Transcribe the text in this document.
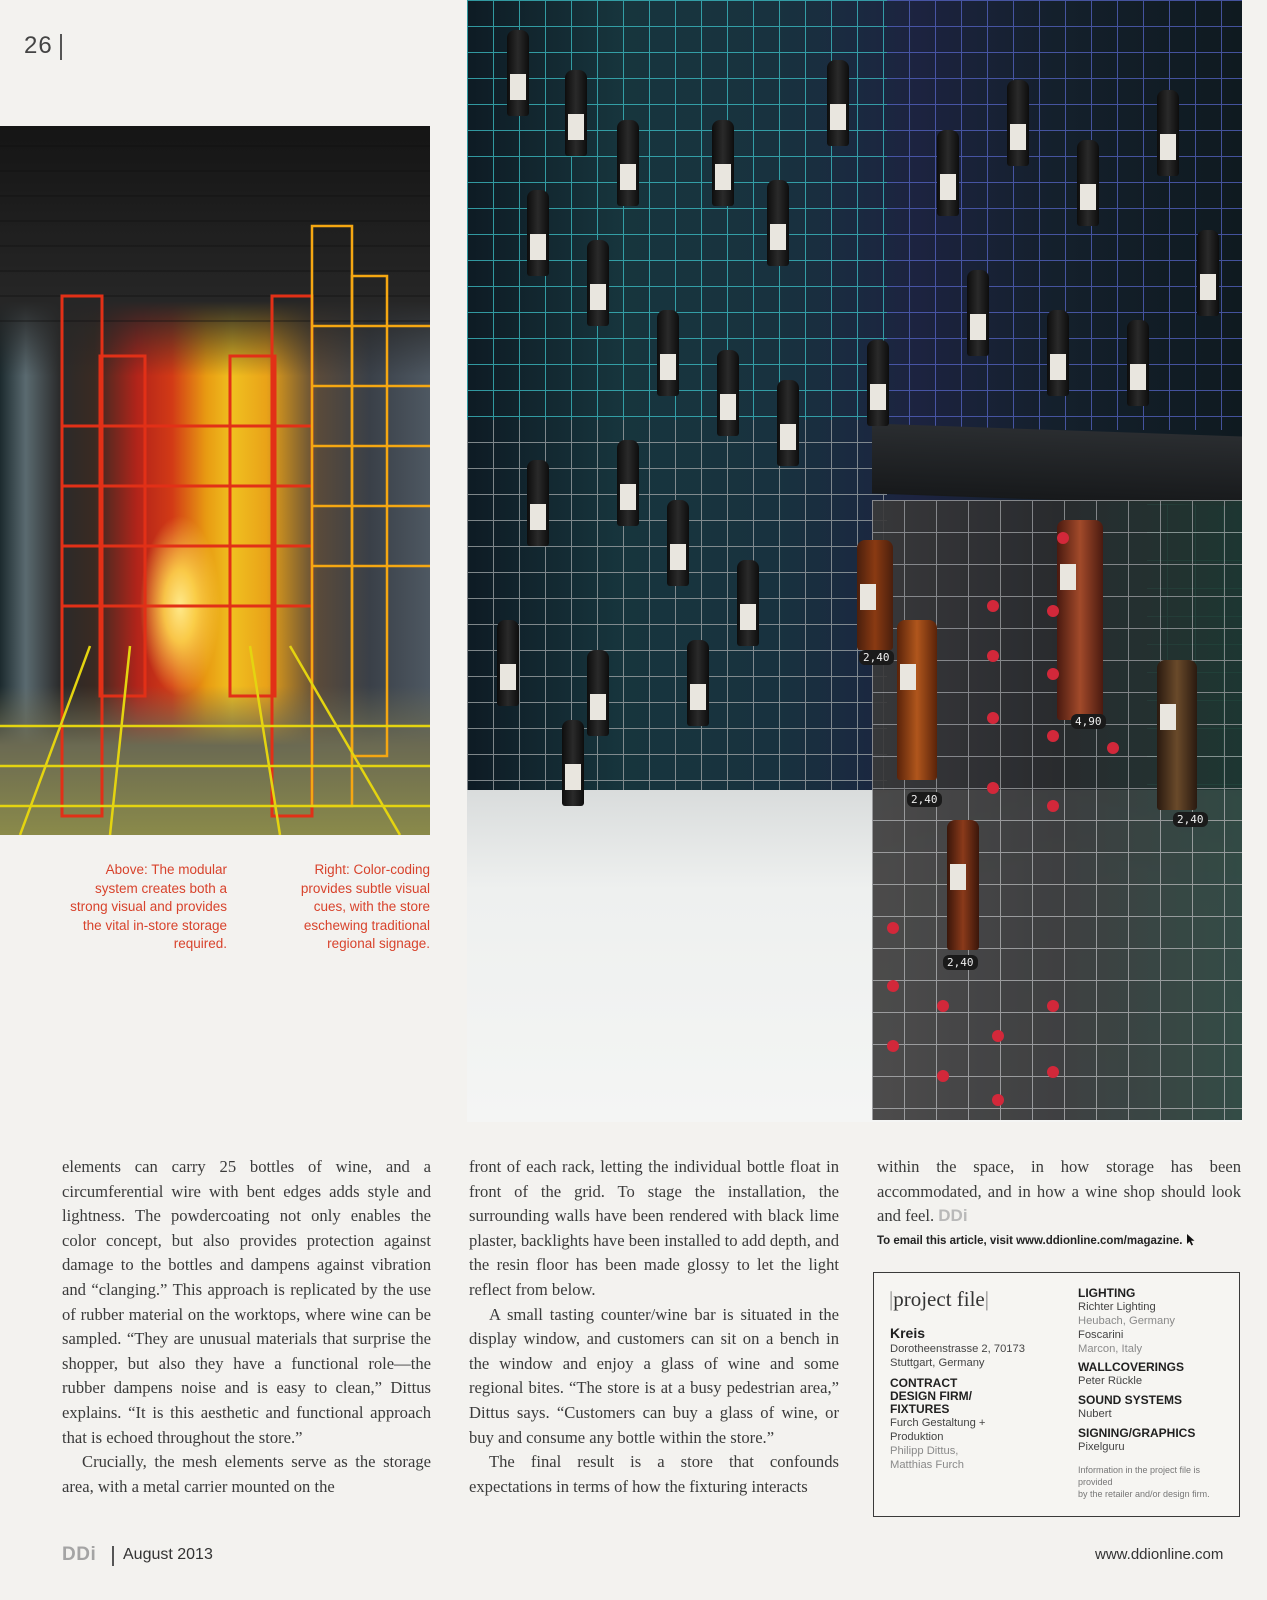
26
2,40
4,90
2,40
2,40
2,40

Above: The modular system creates both a strong visual and provides the vital in-store storage required.

Right: Color-coding provides subtle visual cues, with the store eschewing traditional regional signage.

elements can carry 25 bottles of wine, and a circumferential wire with bent edges adds style and lightness. The powdercoating not only enables the color concept, but also provides protection against damage to the bottles and dampens against vibration and “clanging.” This approach is replicated by the use of rubber material on the worktops, where wine can be sampled. “They are unusual materials that surprise the shopper, but also they have a functional role—the rubber dampens noise and is easy to clean,” Dittus explains. “It is this aesthetic and functional approach that is echoed throughout the store.”

Crucially, the mesh elements serve as the storage area, with a metal carrier mounted on the

front of each rack, letting the individual bottle float in front of the grid. To stage the installation, the surrounding walls have been rendered with black lime plaster, backlights have been installed to add depth, and the resin floor has been made glossy to let the light reflect from below.

A small tasting counter/wine bar is situated in the display window, and customers can sit on a bench in the window and enjoy a glass of wine and some regional bites. “The store is at a busy pedestrian area,” Dittus says. “Customers can buy a glass of wine, or buy and consume any bottle within the store.”

The final result is a store that confounds expectations in terms of how the fixturing interacts

within the space, in how storage has been accommodated, and in how a wine shop should look and feel. DDi

To email this article, visit www.ddionline.com/magazine.
|project file|

Kreis

Dorotheenstrasse 2, 70173

Stuttgart, Germany

CONTRACT

DESIGN FIRM/

FIXTURES

Furch Gestaltung +

Produktion

Philipp Dittus,

Matthias Furch

LIGHTING

Richter Lighting

Heubach, Germany

Foscarini

Marcon, Italy

WALLCOVERINGS

Peter Rückle

SOUND SYSTEMS

Nubert

SIGNING/GRAPHICS

Pixelguru

Information in the project file is provided
by the retailer and/or design firm.
DDi August 2013	www.ddionline.com
